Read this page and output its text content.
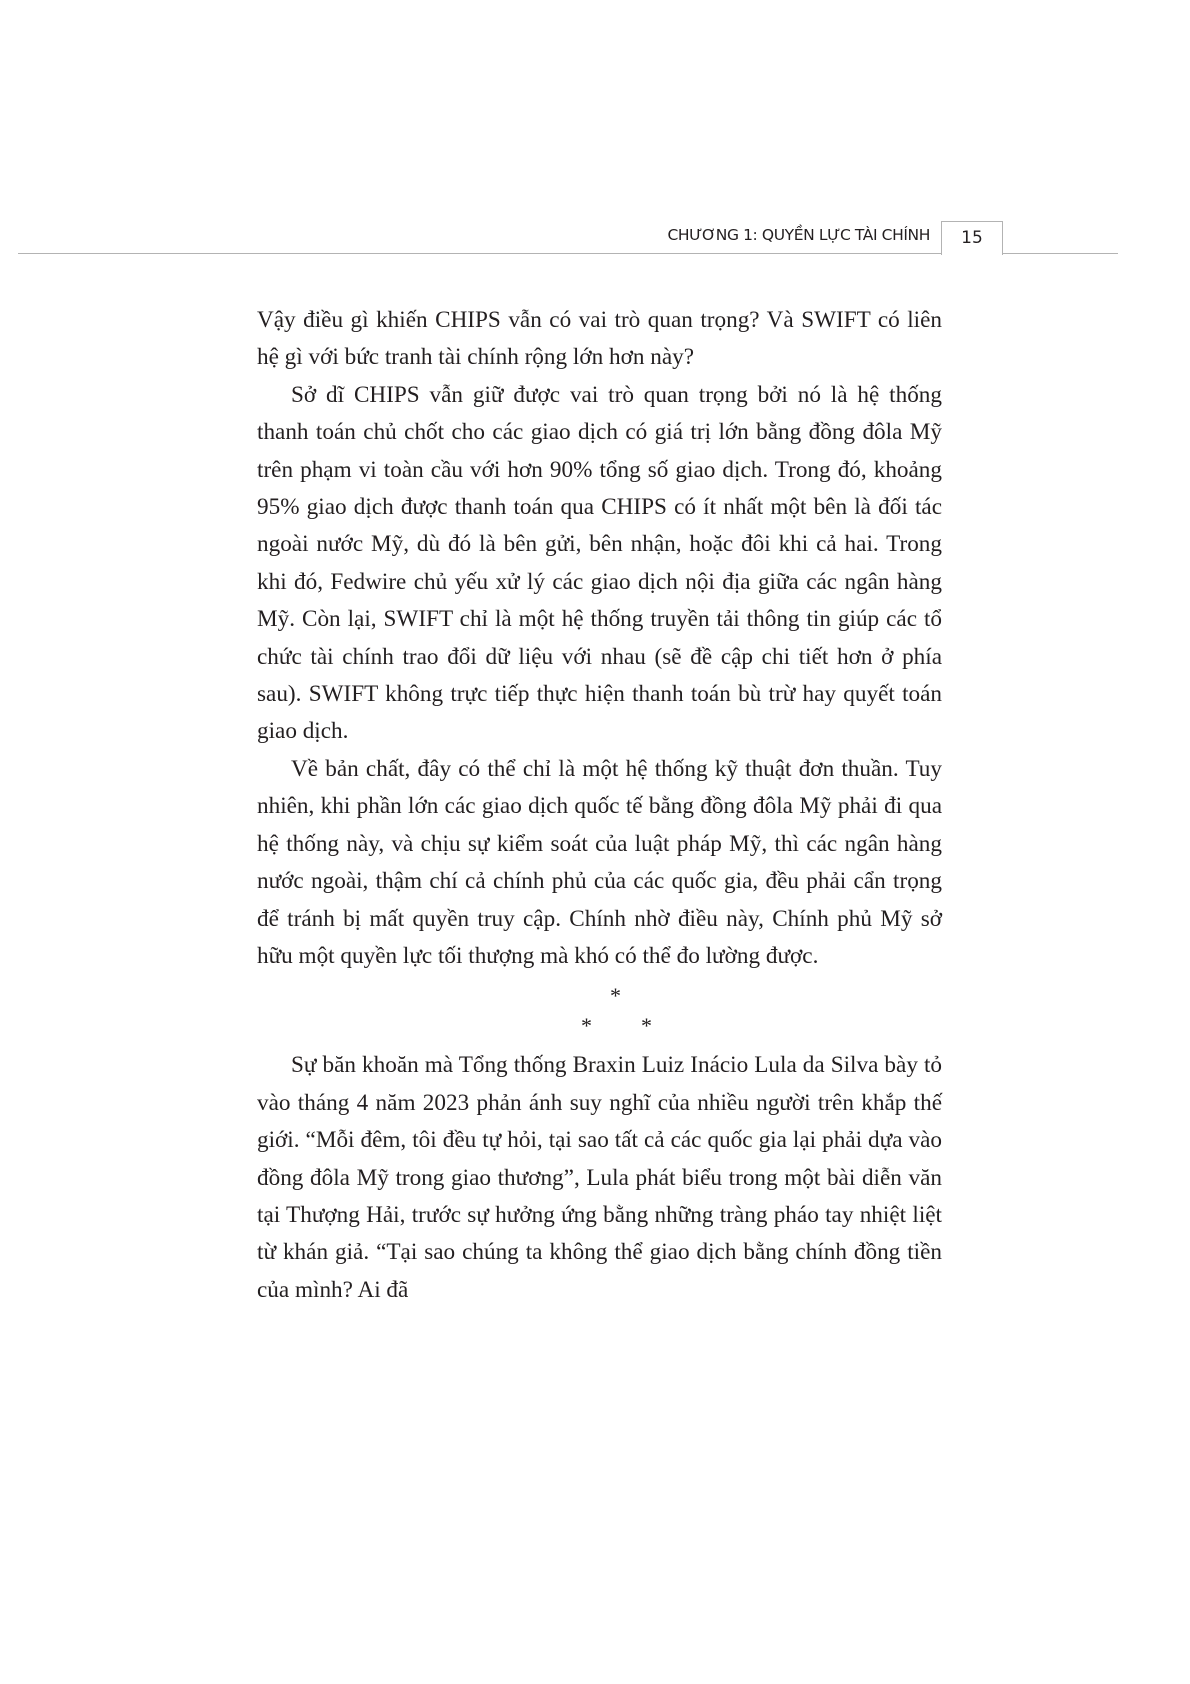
CHƯƠNG 1: QUYỀN LỰC TÀI CHÍNH	15

Vậy điều gì khiến CHIPS vẫn có vai trò quan trọng? Và SWIFT có liên hệ gì với bức tranh tài chính rộng lớn hơn này?

Sở dĩ CHIPS vẫn giữ được vai trò quan trọng bởi nó là hệ thống thanh toán chủ chốt cho các giao dịch có giá trị lớn bằng đồng đôla Mỹ trên phạm vi toàn cầu với hơn 90% tổng số giao dịch. Trong đó, khoảng 95% giao dịch được thanh toán qua CHIPS có ít nhất một bên là đối tác ngoài nước Mỹ, dù đó là bên gửi, bên nhận, hoặc đôi khi cả hai. Trong khi đó, Fedwire chủ yếu xử lý các giao dịch nội địa giữa các ngân hàng Mỹ. Còn lại, SWIFT chỉ là một hệ thống truyền tải thông tin giúp các tổ chức tài chính trao đổi dữ liệu với nhau (sẽ đề cập chi tiết hơn ở phía sau). SWIFT không trực tiếp thực hiện thanh toán bù trừ hay quyết toán giao dịch.

Về bản chất, đây có thể chỉ là một hệ thống kỹ thuật đơn thuần. Tuy nhiên, khi phần lớn các giao dịch quốc tế bằng đồng đôla Mỹ phải đi qua hệ thống này, và chịu sự kiểm soát của luật pháp Mỹ, thì các ngân hàng nước ngoài, thậm chí cả chính phủ của các quốc gia, đều phải cẩn trọng để tránh bị mất quyền truy cập. Chính nhờ điều này, Chính phủ Mỹ sở hữu một quyền lực tối thượng mà khó có thể đo lường được.

*
* *

Sự băn khoăn mà Tổng thống Braxin Luiz Inácio Lula da Silva bày tỏ vào tháng 4 năm 2023 phản ánh suy nghĩ của nhiều người trên khắp thế giới. “Mỗi đêm, tôi đều tự hỏi, tại sao tất cả các quốc gia lại phải dựa vào đồng đôla Mỹ trong giao thương”, Lula phát biểu trong một bài diễn văn tại Thượng Hải, trước sự hưởng ứng bằng những tràng pháo tay nhiệt liệt từ khán giả. “Tại sao chúng ta không thể giao dịch bằng chính đồng tiền của mình? Ai đã
